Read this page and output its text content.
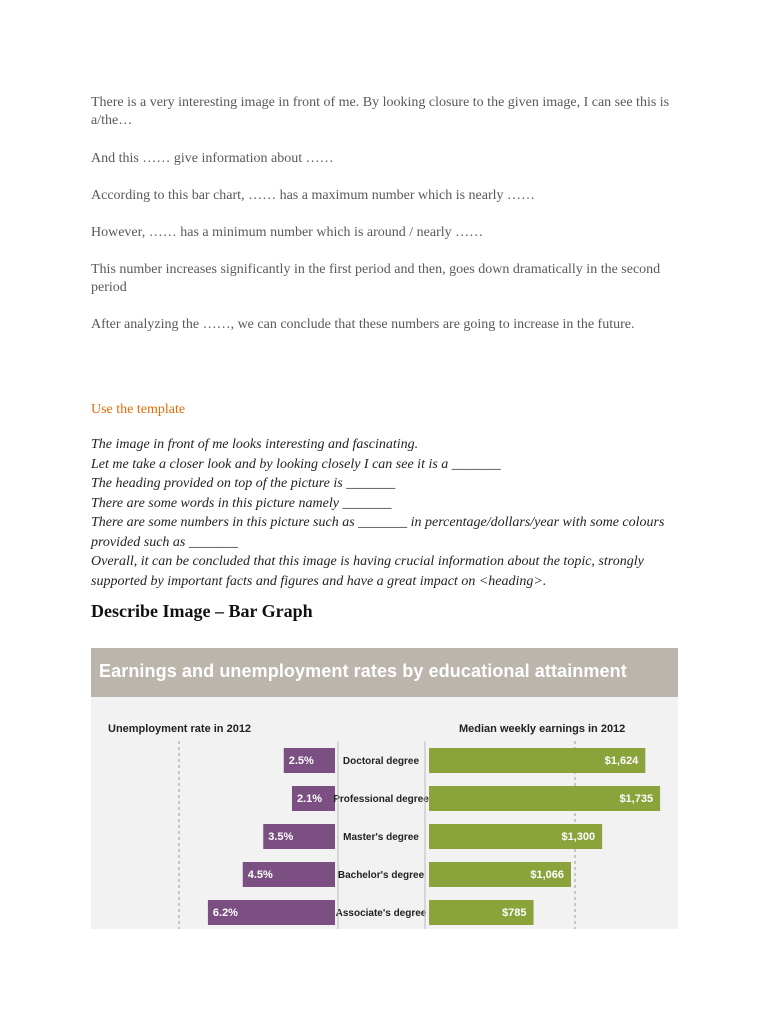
There is a very interesting image in front of me. By looking closure to the given image, I can see this is a/the…

And this …… give information about ……

According to this bar chart, …… has a maximum number which is nearly ……

However, …… has a minimum number which is around / nearly ……

This number increases significantly in the first period and then, goes down dramatically in the second period

After analyzing the ……, we can conclude that these numbers are going to increase in the future.

Use the template

The image in front of me looks interesting and fascinating.
Let me take a closer look and by looking closely I can see it is a _______
The heading provided on top of the picture is _______
There are some words in this picture namely _______
There are some numbers in this picture such as _______ in percentage/dollars/year with some colours provided such as _______
Overall, it can be concluded that this image is having crucial information about the topic, strongly supported by important facts and figures and have a great impact on <heading>.
Describe Image – Bar Graph
Earnings and unemployment rates by educational attainment
Unemployment rate in 2012	Median weekly earnings in 2012
2.5%	Doctoral degree	$1,624
2.1% Professional degree	$1,735
3.5%	Master's degree	$1,300
4.5%	Bachelor's degree	$1,066
6.2%	Associate's degree	$785
